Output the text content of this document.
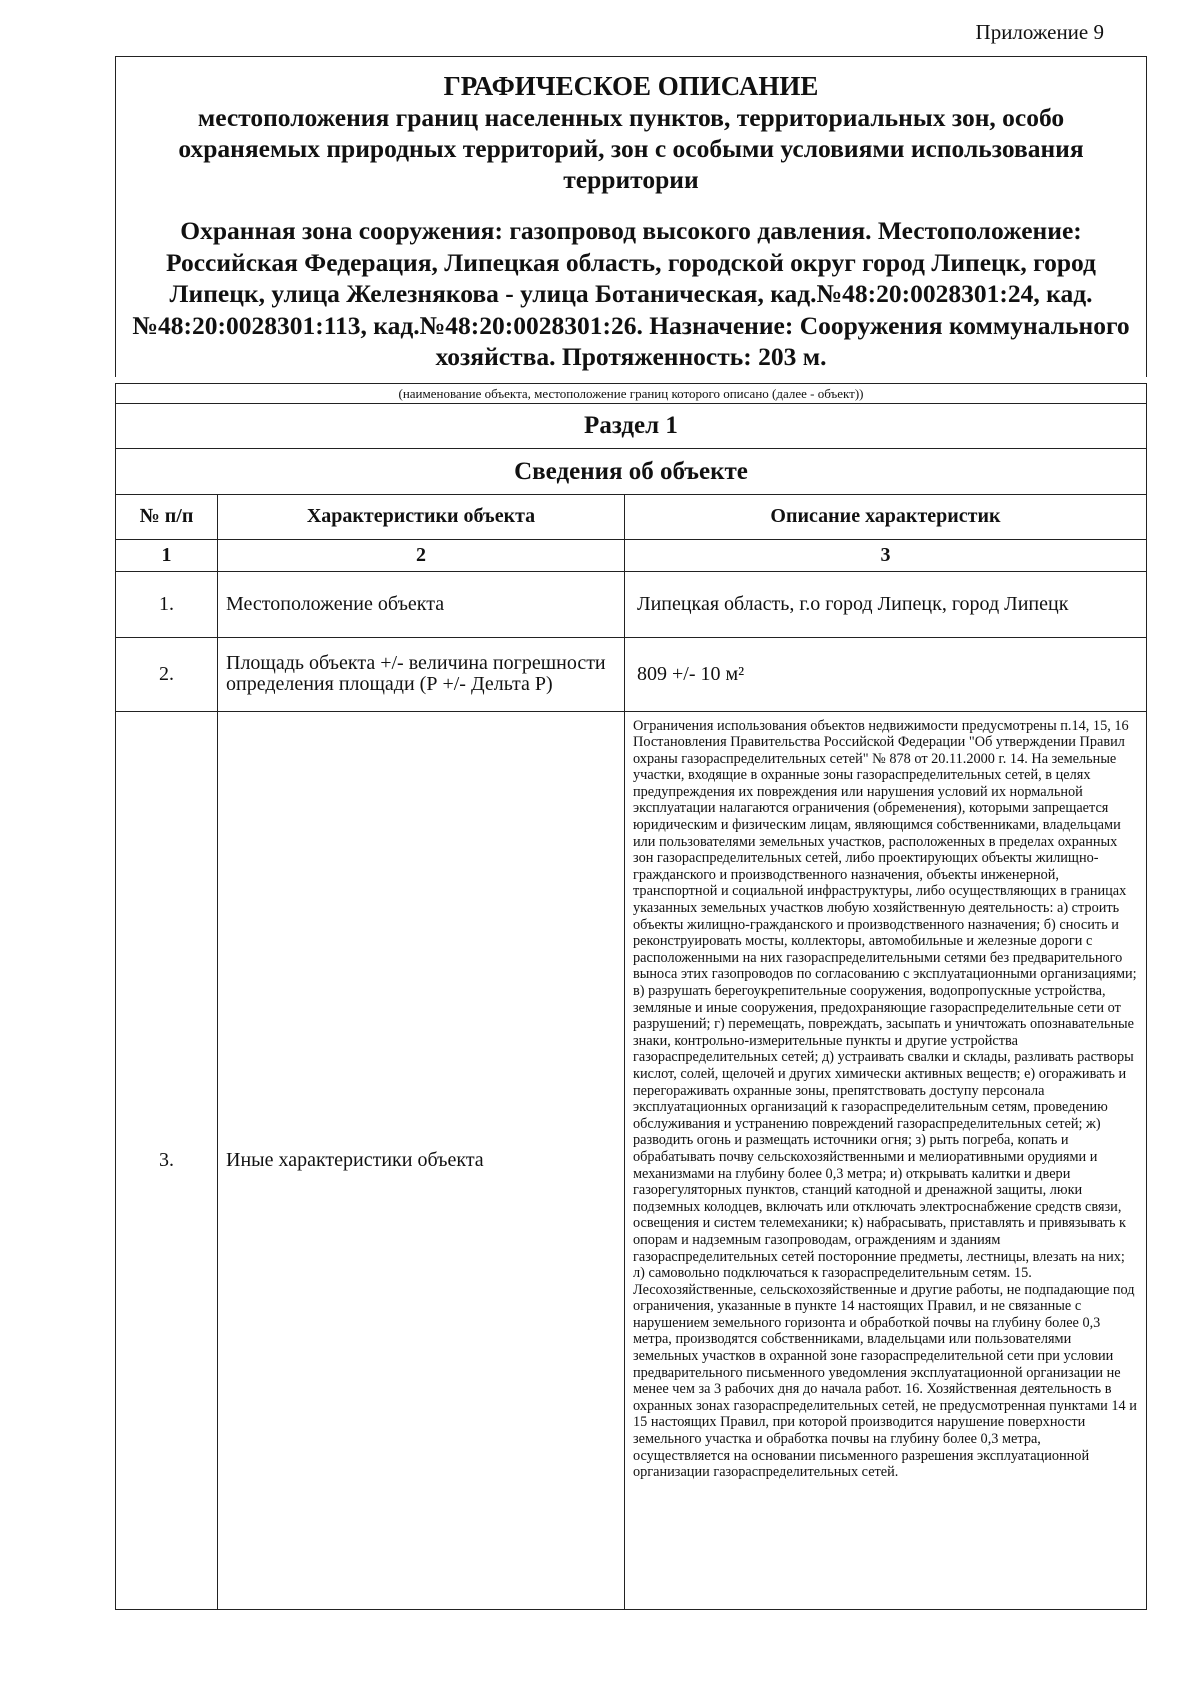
Приложение 9

ГРАФИЧЕСКОЕ ОПИСАНИЕ

местоположения границ населенных пунктов, территориальных зон, особо охраняемых природных территорий, зон с особыми условиями использования территории

Охранная зона сооружения: газопровод высокого давления. Местоположение: Российская Федерация, Липецкая область, городской округ город Липецк, город Липецк, улица Железнякова - улица Ботаническая, кад.№48:20:0028301:24, кад.№48:20:0028301:113, кад.№48:20:0028301:26. Назначение: Сооружения коммунального хозяйства. Протяженность: 203 м.

(наименование объекта, местоположение границ которого описано (далее - объект))
Раздел 1
Сведения об объекте
№ п/п	Характеристики объекта	Описание характеристик
1	2	3
1.	Местоположение объекта	Липецкая область, г.о город Липецк, город Липецк
2.	Площадь объекта +/- величина погрешности определения площади (Р +/- Дельта Р)	809 +/- 10 м²
3.	Иные характеристики объекта	Ограничения использования объектов недвижимости предусмотрены п.14, 15, 16 Постановления Правительства Российской Федерации "Об утверждении Правил охраны газораспределительных сетей" № 878 от 20.11.2000 г. 14. На земельные участки, входящие в охранные зоны газораспределительных сетей, в целях предупреждения их повреждения или нарушения условий их нормальной эксплуатации налагаются ограничения (обременения), которыми запрещается юридическим и физическим лицам, являющимся собственниками, владельцами или пользователями земельных участков, расположенных в пределах охранных зон газораспределительных сетей, либо проектирующих объекты жилищно-гражданского и производственного назначения, объекты инженерной, транспортной и социальной инфраструктуры, либо осуществляющих в границах указанных земельных участков любую хозяйственную деятельность: а) строить объекты жилищно-гражданского и производственного назначения; б) сносить и реконструировать мосты, коллекторы, автомобильные и железные дороги с расположенными на них газораспределительными сетями без предварительного выноса этих газопроводов по согласованию с эксплуатационными организациями; в) разрушать берегоукрепительные сооружения, водопропускные устройства, земляные и иные сооружения, предохраняющие газораспределительные сети от разрушений; г) перемещать, повреждать, засыпать и уничтожать опознавательные знаки, контрольно-измерительные пункты и другие устройства газораспределительных сетей; д) устраивать свалки и склады, разливать растворы кислот, солей, щелочей и других химически активных веществ; е) огораживать и перегораживать охранные зоны, препятствовать доступу персонала эксплуатационных организаций к газораспределительным сетям, проведению обслуживания и устранению повреждений газораспределительных сетей; ж) разводить огонь и размещать источники огня; з) рыть погреба, копать и обрабатывать почву сельскохозяйственными и мелиоративными орудиями и механизмами на глубину более 0,3 метра; и) открывать калитки и двери газорегуляторных пунктов, станций катодной и дренажной защиты, люки подземных колодцев, включать или отключать электроснабжение средств связи, освещения и систем телемеханики; к) набрасывать, приставлять и привязывать к опорам и надземным газопроводам, ограждениям и зданиям газораспределительных сетей посторонние предметы, лестницы, влезать на них; л) самовольно подключаться к газораспределительным сетям. 15. Лесохозяйственные, сельскохозяйственные и другие работы, не подпадающие под ограничения, указанные в пункте 14 настоящих Правил, и не связанные с нарушением земельного горизонта и обработкой почвы на глубину более 0,3 метра, производятся собственниками, владельцами или пользователями земельных участков в охранной зоне газораспределительной сети при условии предварительного письменного уведомления эксплуатационной организации не менее чем за 3 рабочих дня до начала работ. 16. Хозяйственная деятельность в охранных зонах газораспределительных сетей, не предусмотренная пунктами 14 и 15 настоящих Правил, при которой производится нарушение поверхности земельного участка и обработка почвы на глубину более 0,3 метра, осуществляется на основании письменного разрешения эксплуатационной организации газораспределительных сетей.
